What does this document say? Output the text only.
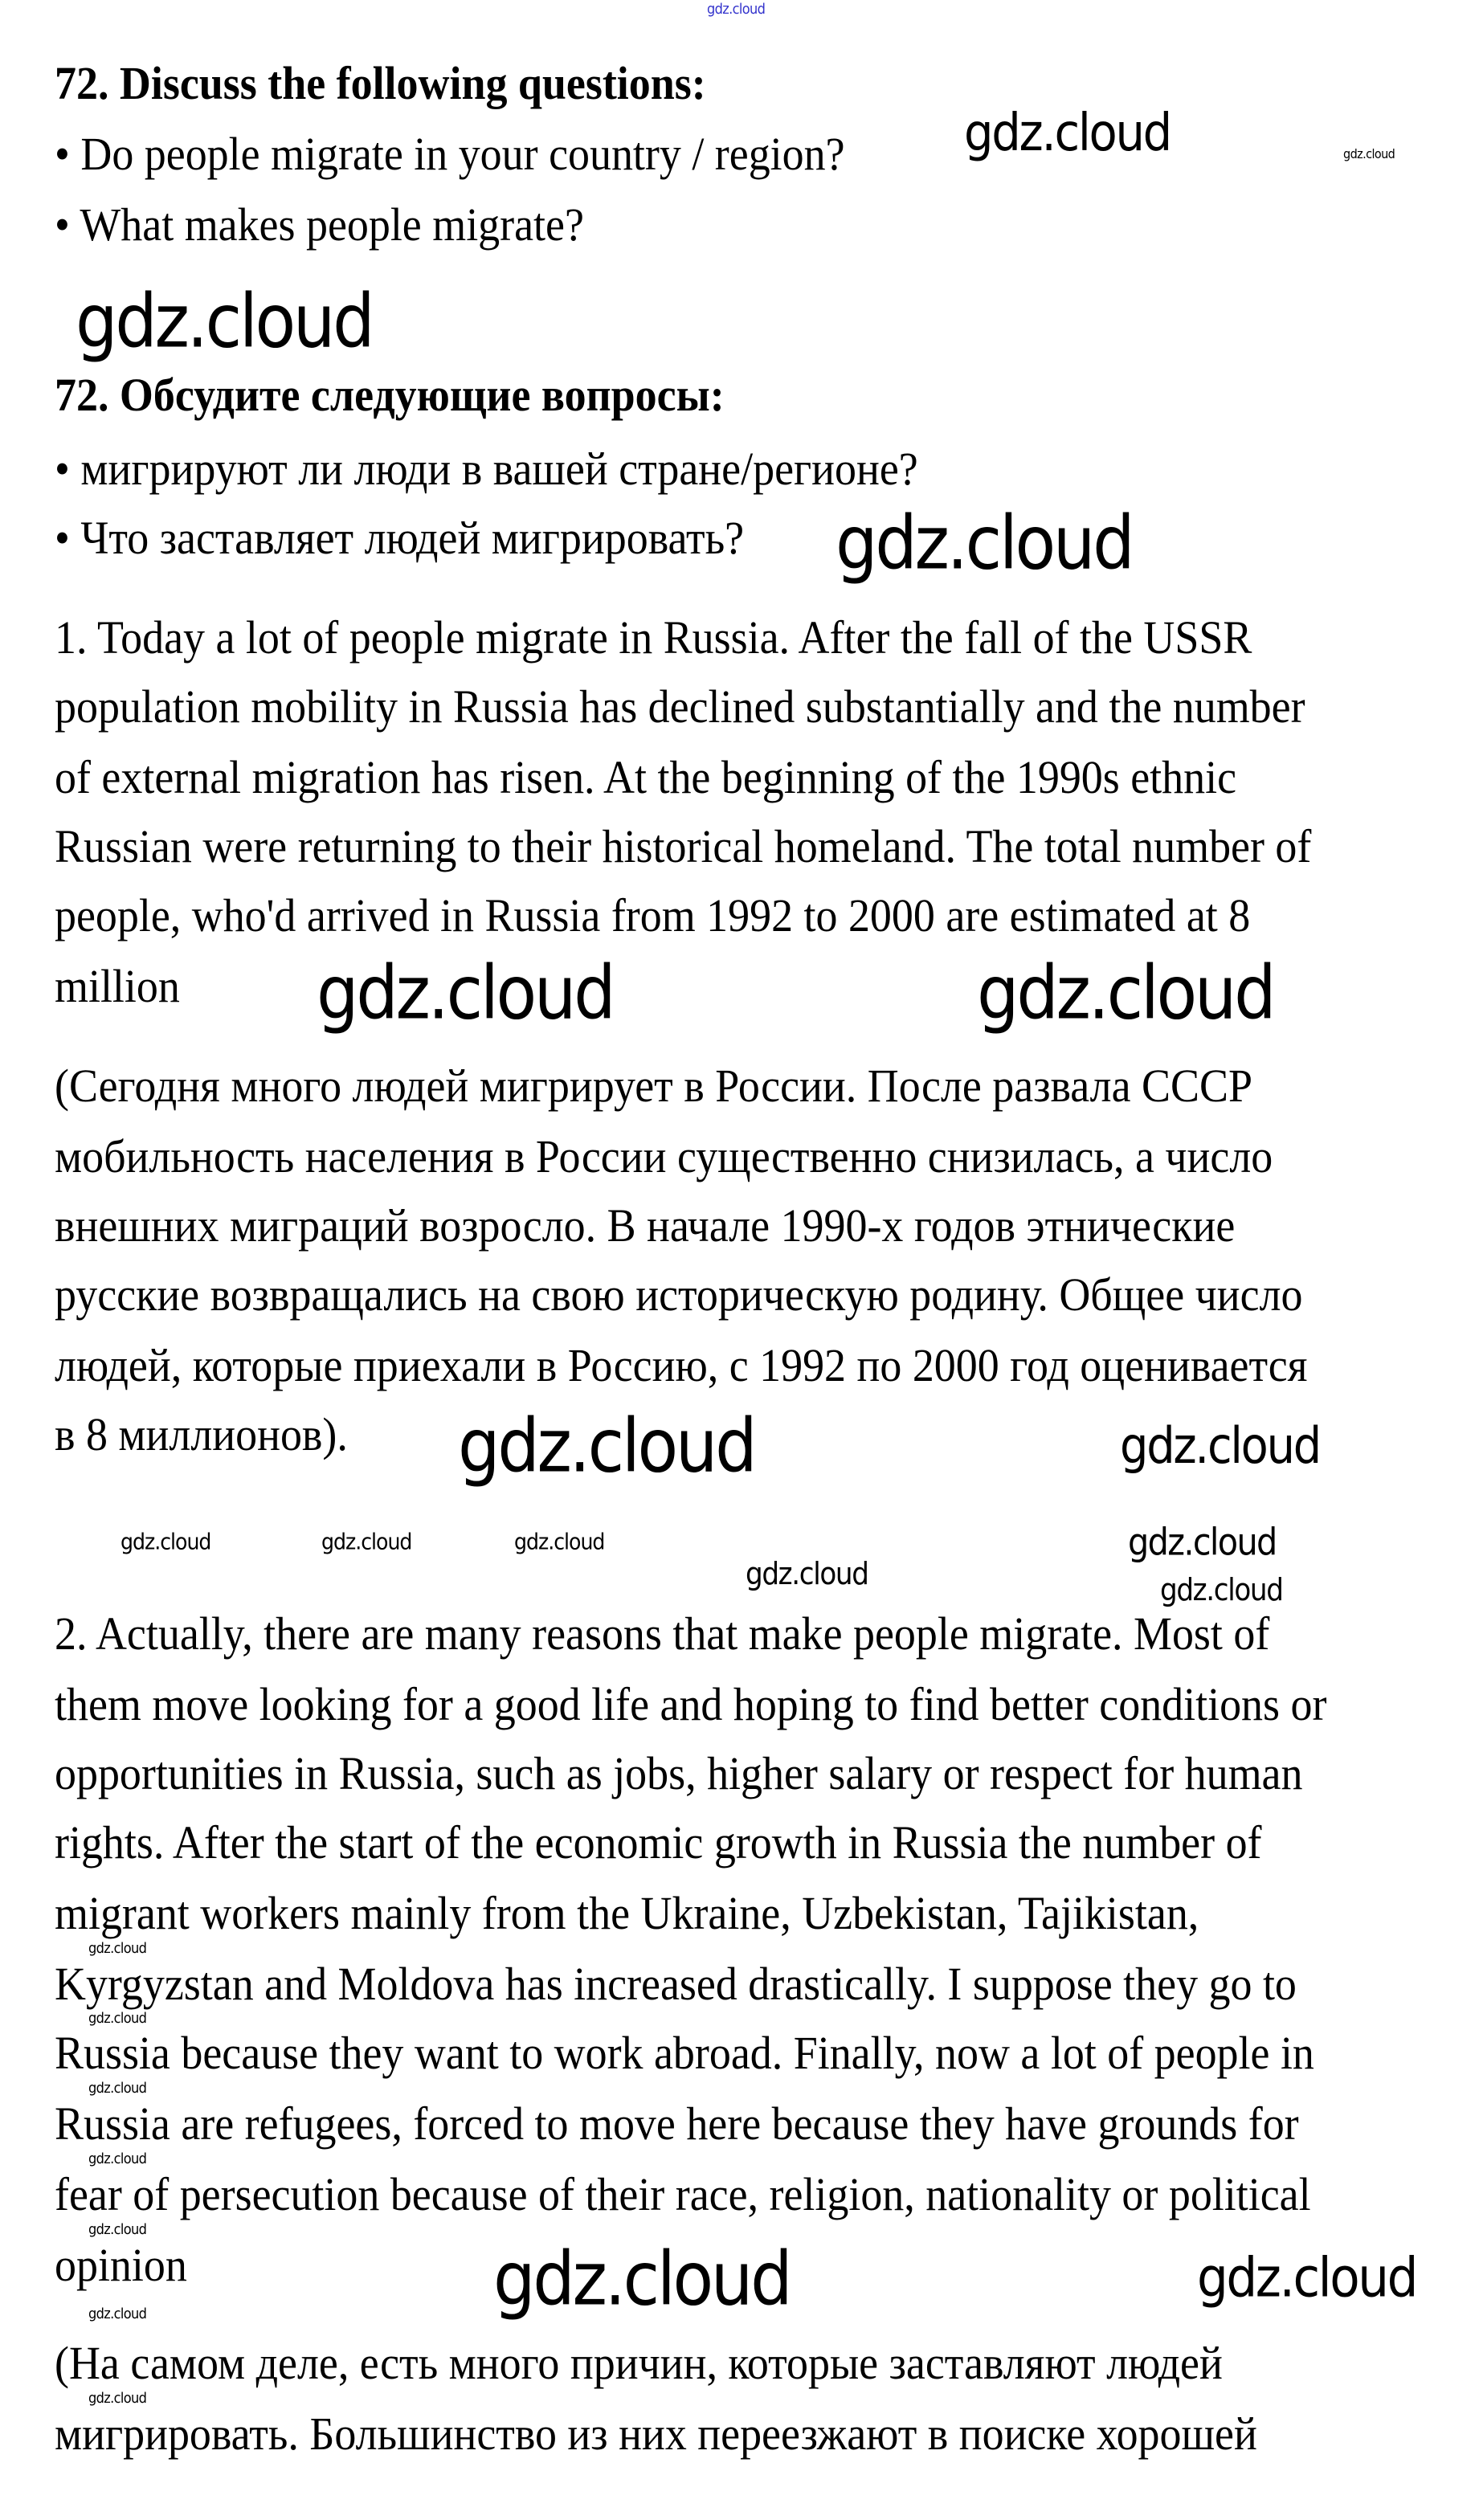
72. Discuss the following questions:
• Do people migrate in your country / region?
• What makes people migrate?
72. Обсудите следующие вопросы:
• мигрируют ли люди в вашей стране/регионе?
• Что заставляет людей мигрировать?
1. Today a lot of people migrate in Russia. After the fall of the USSR
population mobility in Russia has declined substantially and the number
of external migration has risen. At the beginning of the 1990s ethnic
Russian were returning to their historical homeland. The total number of
people, who'd arrived in Russia from 1992 to 2000 are estimated at 8
million
(Сегодня много людей мигрирует в России. После развала СССР
мобильность населения в России существенно снизилась, а число
внешних миграций возросло. В начале 1990-х годов этнические
русские возвращались на свою историческую родину. Общее число
людей, которые приехали в Россию, с 1992 по 2000 год оценивается
в 8 миллионов).
2. Actually, there are many reasons that make people migrate. Most of
them move looking for a good life and hoping to find better conditions or
opportunities in Russia, such as jobs, higher salary or respect for human
rights. After the start of the economic growth in Russia the number of
migrant workers mainly from the Ukraine, Uzbekistan, Tajikistan,
Kyrgyzstan and Moldova has increased drastically. I suppose they go to
Russia because they want to work abroad. Finally, now a lot of people in
Russia are refugees, forced to move here because they have grounds for
fear of persecution because of their race, religion, nationality or political
opinion
(На самом деле, есть много причин, которые заставляют людей
мигрировать. Большинство из них переезжают в поиске хорошей
gdz.cloud
gdz.cloud	gdz.cloud
gdz.cloud
gdz.cloud
gdz.cloud	gdz.cloud
gdz.cloud	gdz.cloud
gdz.cloud
gdz.cloud	gdz.cloud	gdz.cloud
gdz.cloud	gdz.cloud
gdz.cloud
gdz.cloud
gdz.cloud
gdz.cloud
gdz.cloud
gdz.cloud
gdz.cloud
gdz.cloud	gdz.cloud
